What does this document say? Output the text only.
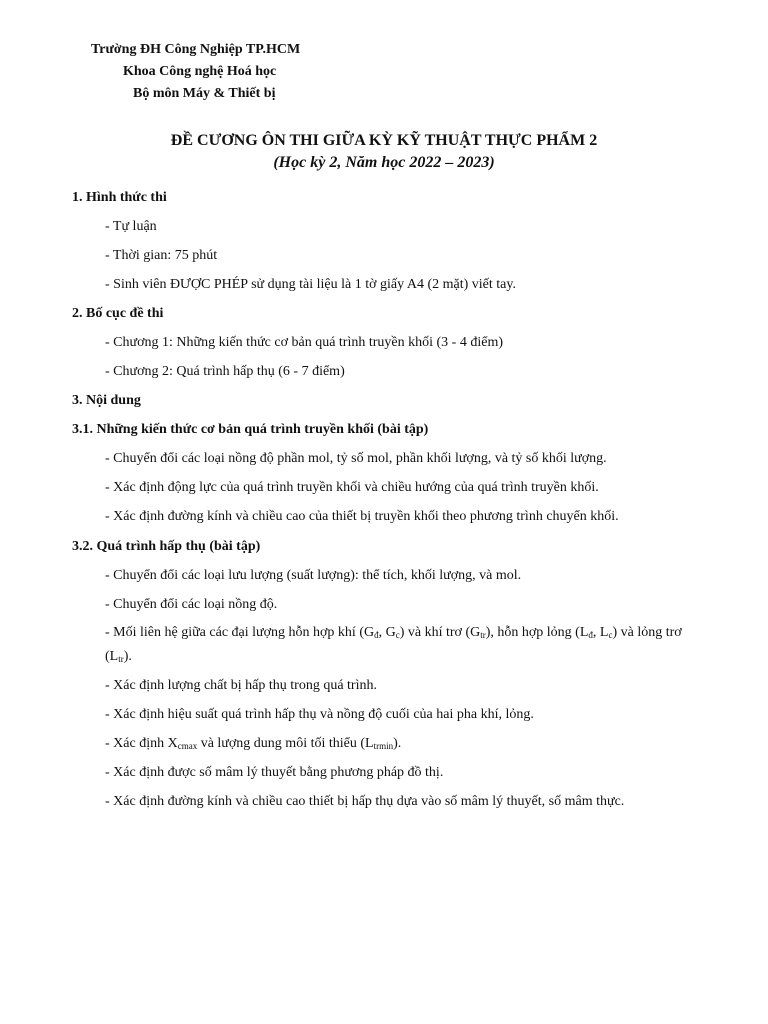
Trường ĐH Công Nghiệp TP.HCM
Khoa Công nghệ Hoá học
Bộ môn Máy & Thiết bị
ĐỀ CƯƠNG ÔN THI GIỮA KỲ KỸ THUẬT THỰC PHẨM 2
(Học kỳ 2, Năm học 2022 – 2023)
1. Hình thức thi
- Tự luận
- Thời gian: 75 phút
- Sinh viên ĐƯỢC PHÉP sử dụng tài liệu là 1 tờ giấy A4 (2 mặt) viết tay.
2. Bố cục đề thi
- Chương 1: Những kiến thức cơ bản quá trình truyền khối (3 - 4 điểm)
- Chương 2: Quá trình hấp thụ (6 - 7 điểm)
3. Nội dung
3.1. Những kiến thức cơ bản quá trình truyền khối (bài tập)
- Chuyển đổi các loại nồng độ phần mol, tỷ số mol, phần khối lượng, và tỷ số khối lượng.
- Xác định động lực của quá trình truyền khối và chiều hướng của quá trình truyền khối.
- Xác định đường kính và chiều cao của thiết bị truyền khối theo phương trình chuyển khối.
3.2. Quá trình hấp thụ (bài tập)
- Chuyển đổi các loại lưu lượng (suất lượng): thể tích, khối lượng, và mol.
- Chuyển đổi các loại nồng độ.
- Mối liên hệ giữa các đại lượng hỗn hợp khí ($G_đ$, $G_c$) và khí trơ $(G_{tr})$, hỗn hợp lỏng ($L_đ$, $L_c$) và lỏng trơ $(L_{tr})$.
- Xác định lượng chất bị hấp thụ trong quá trình.
- Xác định hiệu suất quá trình hấp thụ và nồng độ cuối của hai pha khí, lỏng.
- Xác định $X_{cmax}$ và lượng dung môi tối thiểu $(L_{trmin})$.
- Xác định được số mâm lý thuyết bằng phương pháp đồ thị.
- Xác định đường kính và chiều cao thiết bị hấp thụ dựa vào số mâm lý thuyết, số mâm thực.
